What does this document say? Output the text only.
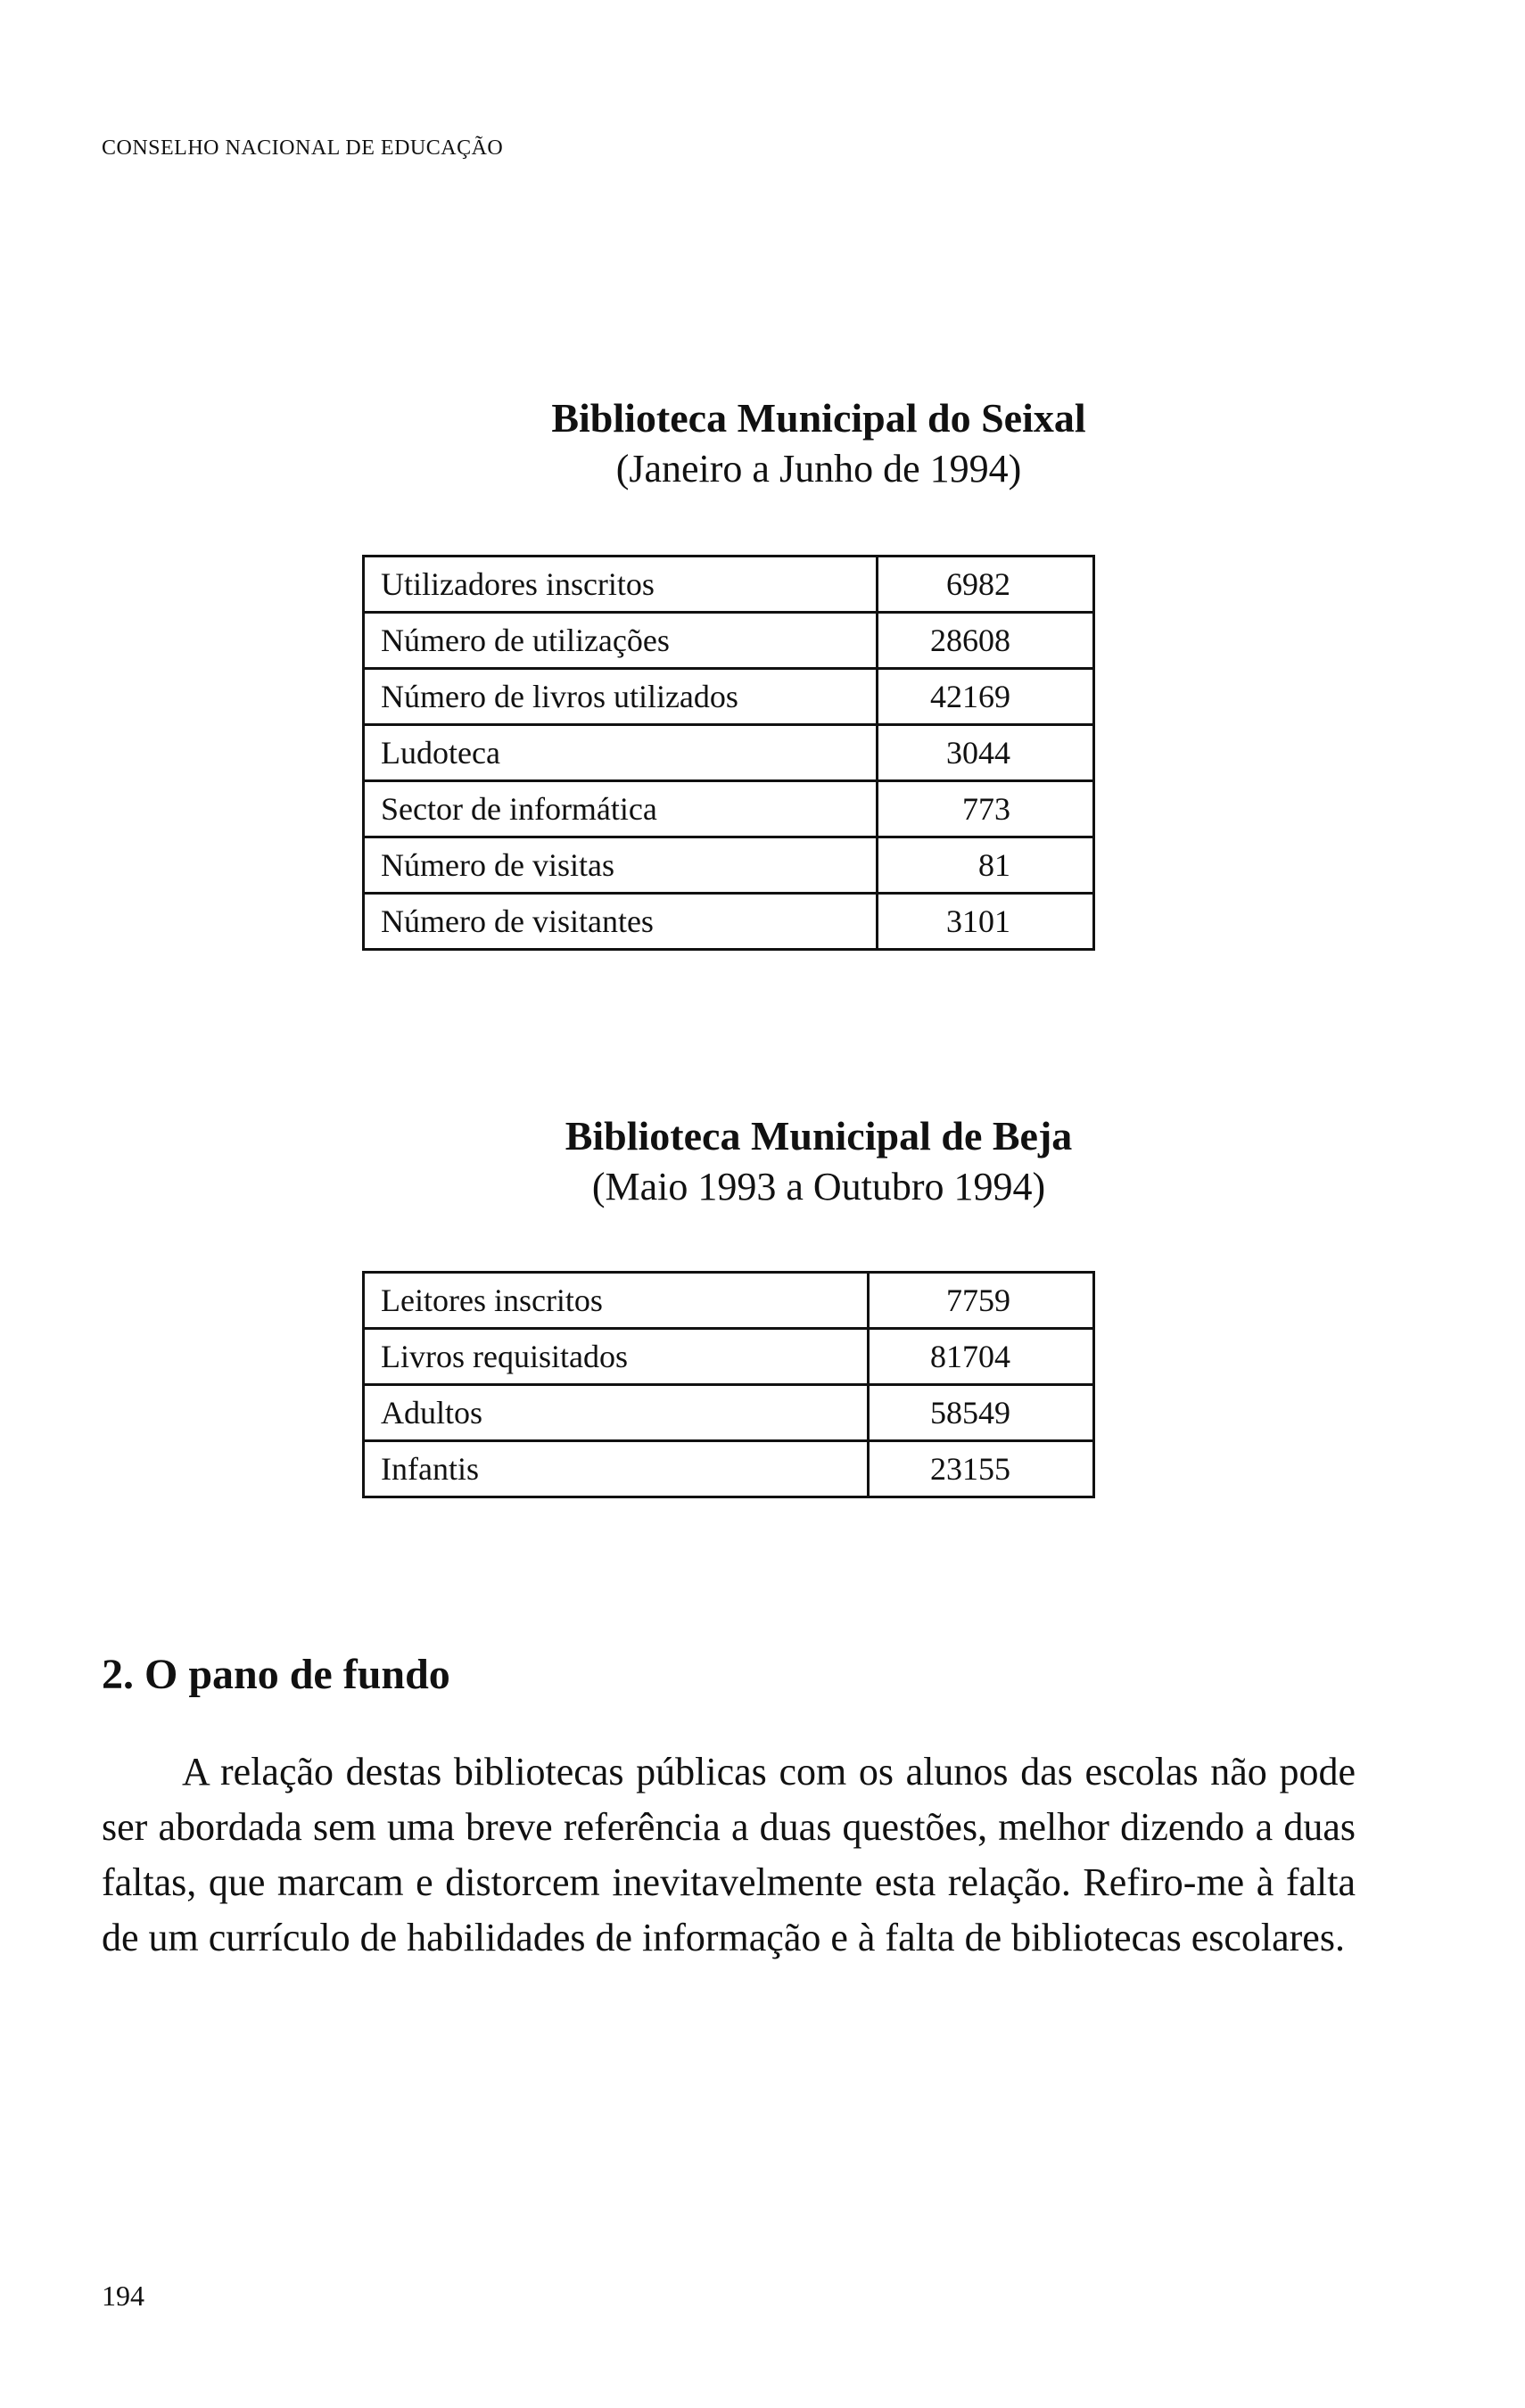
CONSELHO NACIONAL DE EDUCAÇÃO
Biblioteca Municipal do Seixal
(Janeiro a Junho de 1994)
Utilizadores inscritos	6982
Número de utilizações	28608
Número de livros utilizados	42169
Ludoteca	3044
Sector de informática	773
Número de visitas	81
Número de visitantes	3101
Biblioteca Municipal de Beja
(Maio 1993 a Outubro 1994)
Leitores inscritos	7759
Livros requisitados	81704
Adultos	58549
Infantis	23155
2. O pano de fundo

A relação destas bibliotecas públicas com os alunos das escolas não pode ser abordada sem uma breve referência a duas questões, melhor dizendo a duas faltas, que marcam e distorcem inevitavelmente esta relação. Refiro-me à falta de um currículo de habilidades de informação e à falta de bibliotecas escolares.

194
